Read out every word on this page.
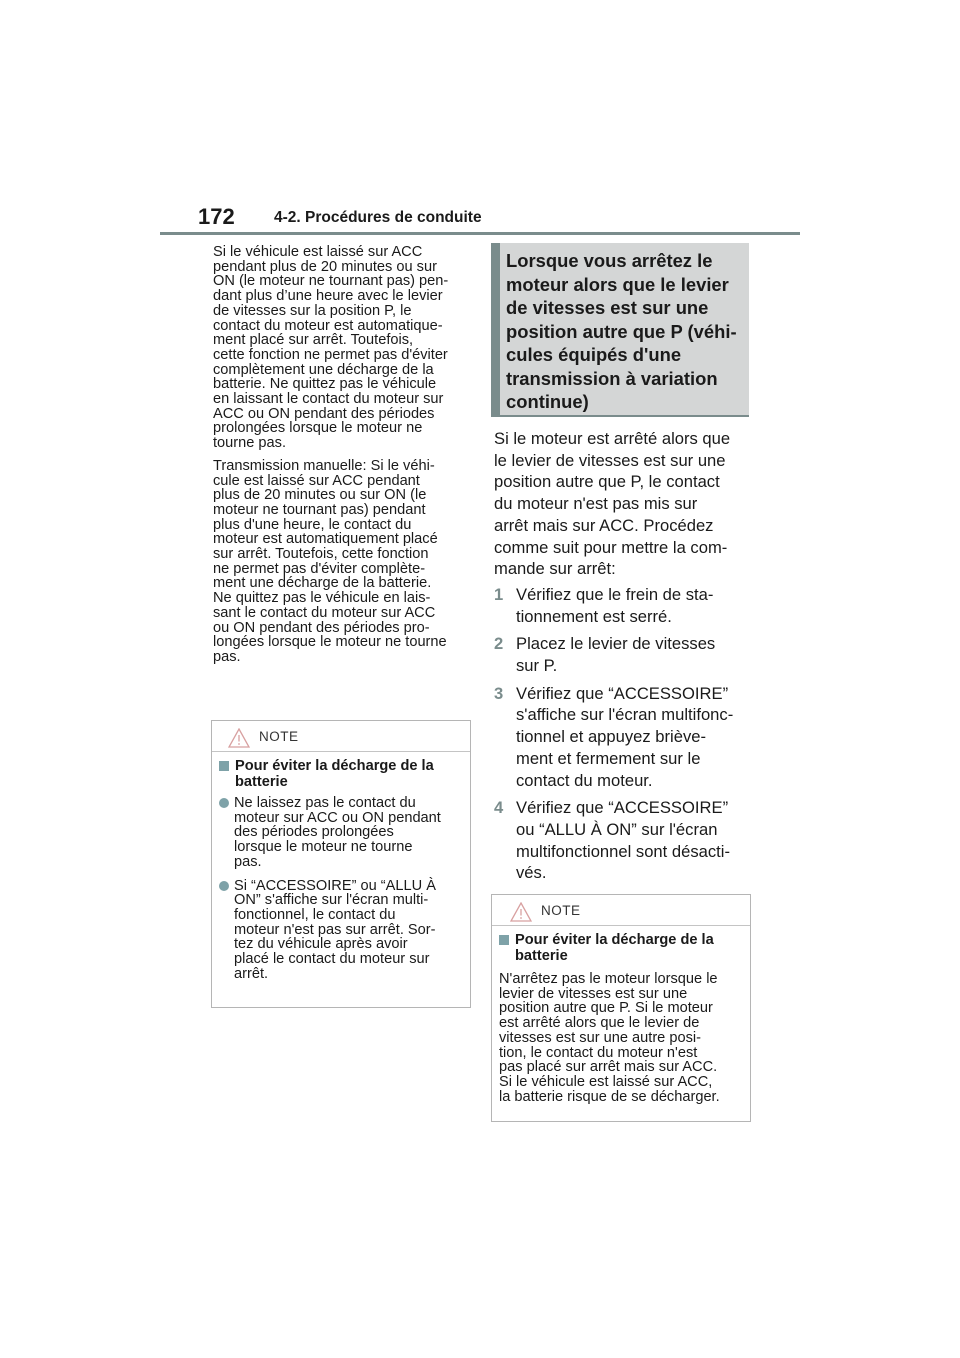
172	4-2. Procédures de conduite

Si le véhicule est laissé sur ACC
pendant plus de 20 minutes ou sur
ON (le moteur ne tournant pas) pen-
dant plus d’une heure avec le levier
de vitesses sur la position P, le
contact du moteur est automatique-
ment placé sur arrêt. Toutefois,
cette fonction ne permet pas d'éviter
complètement une décharge de la
batterie. Ne quittez pas le véhicule
en laissant le contact du moteur sur
ACC ou ON pendant des périodes
prolongées lorsque le moteur ne
tourne pas.

Transmission manuelle: Si le véhi-
cule est laissé sur ACC pendant
plus de 20 minutes ou sur ON (le
moteur ne tournant pas) pendant
plus d'une heure, le contact du
moteur est automatiquement placé
sur arrêt. Toutefois, cette fonction
ne permet pas d'éviter complète-
ment une décharge de la batterie.
Ne quittez pas le véhicule en lais-
sant le contact du moteur sur ACC
ou ON pendant des périodes pro-
longées lorsque le moteur ne tourne
pas.

NOTE
Pour éviter la décharge de la
batterie
Ne laissez pas le contact du
moteur sur ACC ou ON pendant
des périodes prolongées
lorsque le moteur ne tourne
pas.
Si “ACCESSOIRE” ou “ALLU À
ON” s'affiche sur l'écran multi-
fonctionnel, le contact du
moteur n'est pas sur arrêt. Sor-
tez du véhicule après avoir
placé le contact du moteur sur
arrêt.
Lorsque vous arrêtez le
moteur alors que le levier
de vitesses est sur une
position autre que P (véhi-
cules équipés d'une
transmission à variation
continue)

Si le moteur est arrêté alors que
le levier de vitesses est sur une
position autre que P, le contact
du moteur n'est pas mis sur
arrêt mais sur ACC. Procédez
comme suit pour mettre la com-
mande sur arrêt:

1 Vérifiez que le frein de sta-
tionnement est serré.
2 Placez le levier de vitesses
sur P.
3 Vérifiez que “ACCESSOIRE”
s'affiche sur l'écran multifonc-
tionnel et appuyez briève-
ment et fermement sur le
contact du moteur.
4 Vérifiez que “ACCESSOIRE”
ou “ALLU À ON” sur l'écran
multifonctionnel sont désacti-
vés.
NOTE
Pour éviter la décharge de la
batterie
N'arrêtez pas le moteur lorsque le
levier de vitesses est sur une
position autre que P. Si le moteur
est arrêté alors que le levier de
vitesses est sur une autre posi-
tion, le contact du moteur n'est
pas placé sur arrêt mais sur ACC.
Si le véhicule est laissé sur ACC,
la batterie risque de se décharger.
